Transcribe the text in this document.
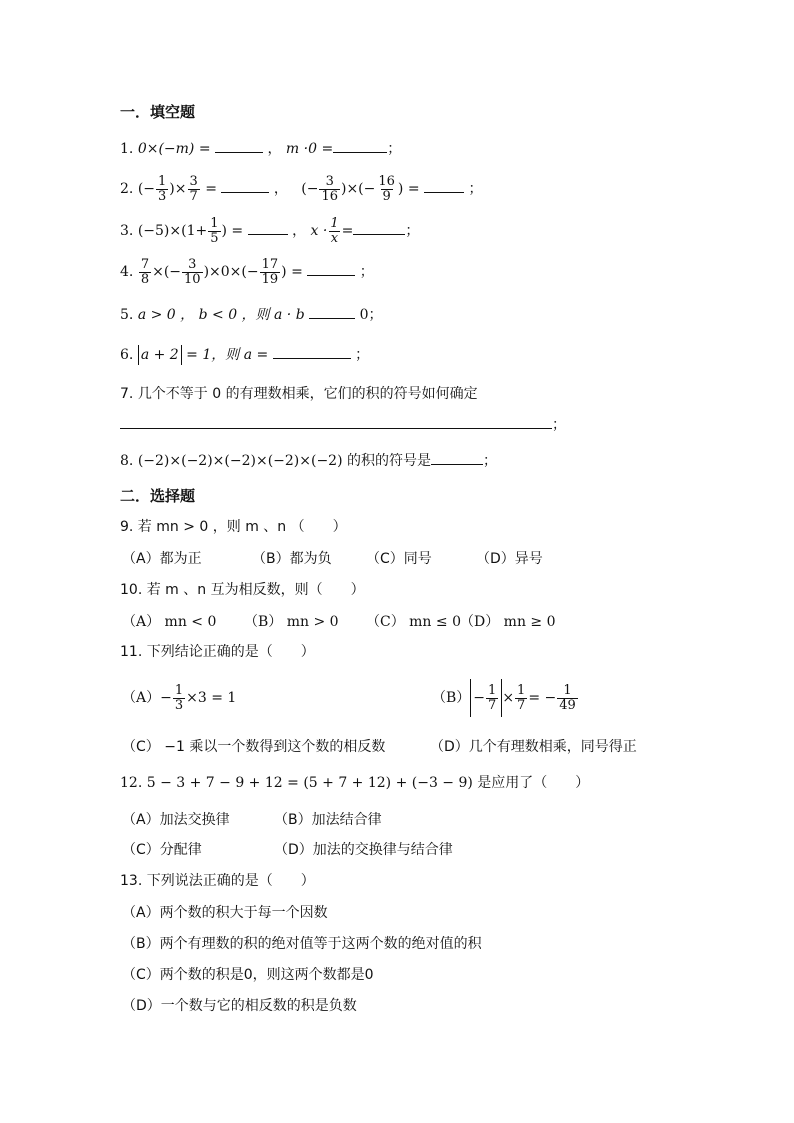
一．填空题
1. 0×(−m) =	， m ·0 =	；
2. (− $\frac{1}{3}$ )× $\frac{3}{7}$ =	， (− $\frac{3}{16}$ )×(− $\frac{16}{9}$ ) =	；
3. $(-5)\times(1+ \frac{1}{5}$ ) =	， $x \cdot \frac{1}{x}$ =	；
4. $\frac{7}{8}$ ×(− $\frac{3}{10} )\times 0\times(- \frac{17}{19}$ ) =	；
5. a > 0 ， b < 0 ，则 a · b	0；
6. a + 2 = 1，则 a =	；
7. 几个不等于 0 的有理数相乘，它们的积的符号如何确定
；
8. (−2)×(−2)×(−2)×(−2)×(−2) 的积的符号是	；
二．选择题
9. 若 mn > 0 ，则 m 、n （　　）
（A）都为正	（B）都为负 （C）同号	（D）异号
10. 若 m 、n 互为相反数，则（　　）
（A） mn < 0 （B） mn > 0 （C） mn ≤ 0（D） mn ≥ 0
11. 下列结论正确的是（　　）
$(A)- \frac{1}{3} \times 3 = 1$	$(B) - \frac{1}{7} \times \frac{1}{7}$ = − $\frac{1}{49}$
（C） −1 乘以一个数得到这个数的相反数	（D）几个有理数相乘，同号得正
12. 5 − 3 + 7 − 9 + 12 = (5 + 7 + 12) + (−3 − 9) 是应用了（　　）
（A）加法交换律	（B）加法结合律
（C）分配律	（D）加法的交换律与结合律
13. 下列说法正确的是（　　）
（A）两个数的积大于每一个因数
（B）两个有理数的积的绝对值等于这两个数的绝对值的积
（C）两个数的积是0，则这两个数都是0
（D）一个数与它的相反数的积是负数
